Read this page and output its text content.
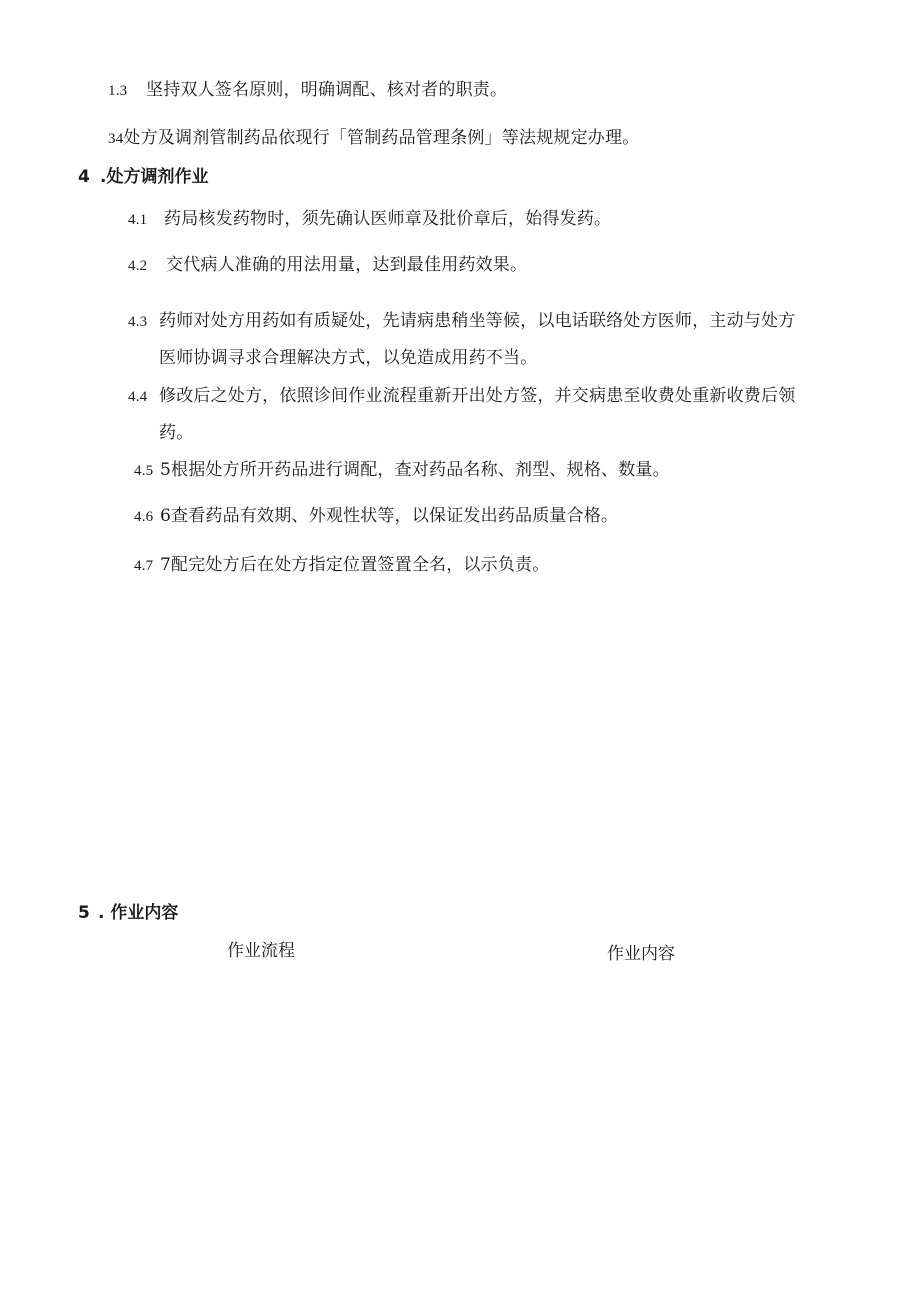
1.3 坚持双人签名原则，明确调配、核对者的职责。
34处方及调剂管制药品依现行「管制药品管理条例」等法规规定办理。
4 .处方调剂作业
4.1 药局核发药物时，须先确认医师章及批价章后，始得发药。
4.2 交代病人准确的用法用量，达到最佳用药效果。
4.3 药师对处方用药如有质疑处，先请病患稍坐等候，以电话联络处方医师，主动与处方
医师协调寻求合理解决方式，以免造成用药不当。
4.4 修改后之处方，依照诊间作业流程重新开出处方签，并交病患至收费处重新收费后领
药。
4.5 5根据处方所开药品进行调配，查对药品名称、剂型、规格、数量。
4.6 6查看药品有效期、外观性状等，以保证发出药品质量合格。
4.7 7配完处方后在处方指定位置签置全名，以示负责。
5 . 作业内容
作业流程	作业内容
